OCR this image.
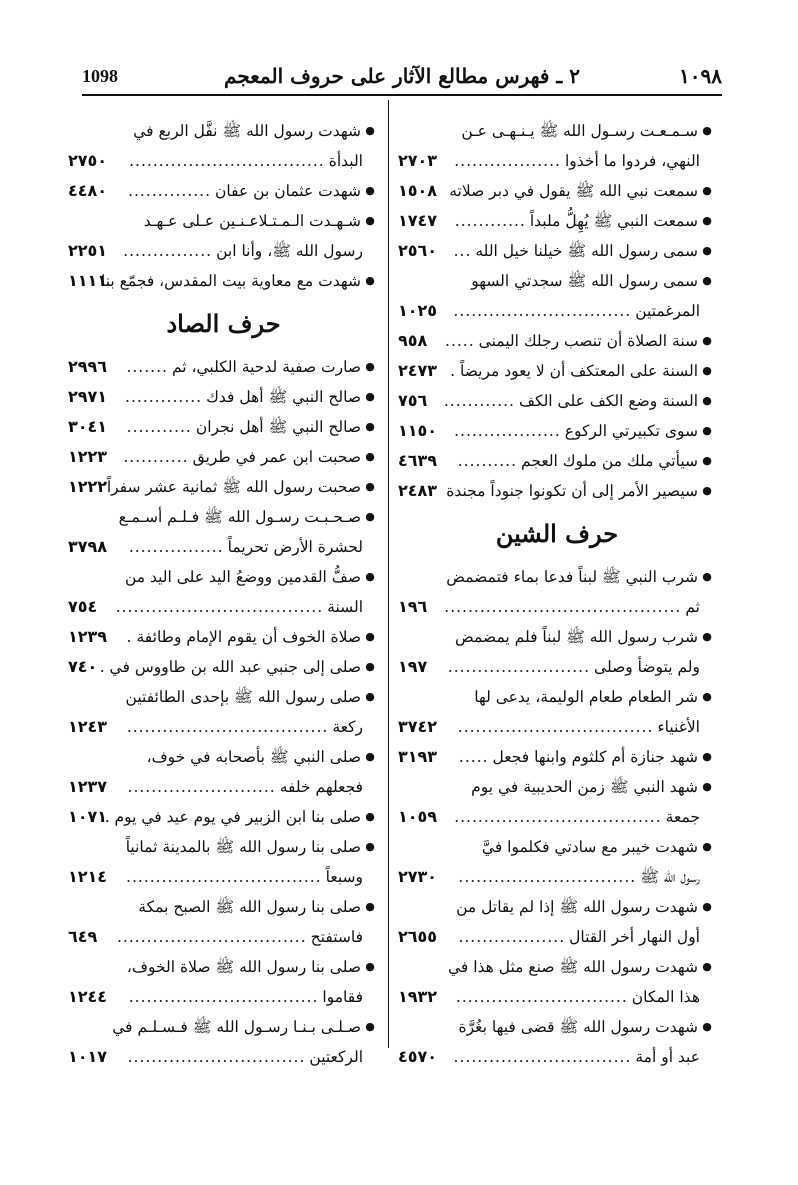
1098	٢ ـ فهرس مطالع الآثار على حروف المعجم	١٠٩٨
●
سـمـعـت رسـول الله ﷺ يـنـهـى عـن
النهي، فردوا ما أخذوا..................
٢٧٠٣
●
سمعت نبي الله ﷺ يقول في دبر صلاته
١٥٠٨
●
سمعت النبي ﷺ يُهِلُّ ملبداً............
١٧٤٧
●
سمى رسول الله ﷺ خيلنا خيل الله...
٢٥٦٠
●
سمى رسول الله ﷺ سجدتي السهو
المرغمتين..............................
١٠٢٥
●
سنة الصلاة أن تنصب رجلك اليمنى.....
٩٥٨
●
السنة على المعتكف أن لا يعود مريضاً .
٢٤٧٣
●
السنة وضع الكف على الكف............
٧٥٦
●
سوى تكبيرتي الركوع..................
١١٥٠
●
سيأتي ملك من ملوك العجم..........
٤٦٣٩
●
سيصير الأمر إلى أن تكونوا جنوداً مجندة
٢٤٨٣
حرف الشين
●
شرب النبي ﷺ لبناً فدعا بماء فتمضمض
ثم........................................
١٩٦
●
شرب رسول الله ﷺ لبناً فلم يمضمض
ولم يتوضأ وصلى........................
١٩٧
●
شر الطعام طعام الوليمة، يدعى لها
الأغنياء.................................
٣٧٤٢
●
شهد جنازة أم كلثوم وابنها فجعل.....
٣١٩٣
●
شهد النبي ﷺ زمن الحديبية في يوم
جمعة...................................
١٠٥٩
●
شهدت خيبر مع سادتي فكلموا فيَّ
رسول الله ﷺ..............................
٢٧٣٠
●
شهدت رسول الله ﷺ إذا لم يقاتل من
أول النهار أخر القتال..................
٢٦٥٥
●
شهدت رسول الله ﷺ صنع مثل هذا في
هذا المكان.............................
١٩٣٢
●
شهدت رسول الله ﷺ قضى فيها بغُرَّة
عبد أو أمة..............................
٤٥٧٠
●
شهدت رسول الله ﷺ نفَّل الربع في
البدأة.................................
٢٧٥٠
●
شهدت عثمان بن عفان..............
٤٤٨٠
●
شـهـدت الـمـتـلاعـنـين عـلى عـهـد
رسول الله ﷺ، وأنا ابن...............
٢٢٥١
●
شهدت مع معاوية بيت المقدس، فجمّع بنا
١١١١
حرف الصاد
●
صارت صفية لدحية الكلبي، ثم.......
٢٩٩٦
●
صالح النبي ﷺ أهل فدك.............
٢٩٧١
●
صالح النبي ﷺ أهل نجران...........
٣٠٤١
●
صحبت ابن عمر في طريق...........
١٢٢٣
●
صحبت رسول الله ﷺ ثمانية عشر سفراً
١٢٢٢
●
صـحـبـت رسـول الله ﷺ فـلـم أسـمـع
لحشرة الأرض تحريماً................
٣٧٩٨
●
صفُّ القدمين ووضعُ اليد على اليد من
السنة...................................
٧٥٤
●
صلاة الخوف أن يقوم الإمام وطائفة.
١٢٣٩
●
صلى إلى جنبي عبد الله بن طاووس في .
٧٤٠
●
صلى رسول الله ﷺ بإحدى الطائفتين
ركعة..................................
١٢٤٣
●
صلى النبي ﷺ بأصحابه في خوف،
فجعلهم خلفه.........................
١٢٣٧
●
صلى بنا ابن الزبير في يوم عيد في يوم ..
١٠٧١
●
صلى بنا رسول الله ﷺ بالمدينة ثمانياً
وسبعاً.................................
١٢١٤
●
صلى بنا رسول الله ﷺ الصبح بمكة
فاستفتح................................
٦٤٩
●
صلى بنا رسول الله ﷺ صلاة الخوف،
فقاموا................................
١٢٤٤
●
صـلـى بـنـا رسـول الله ﷺ فـسـلـم في
الركعتين..............................
١٠١٧
